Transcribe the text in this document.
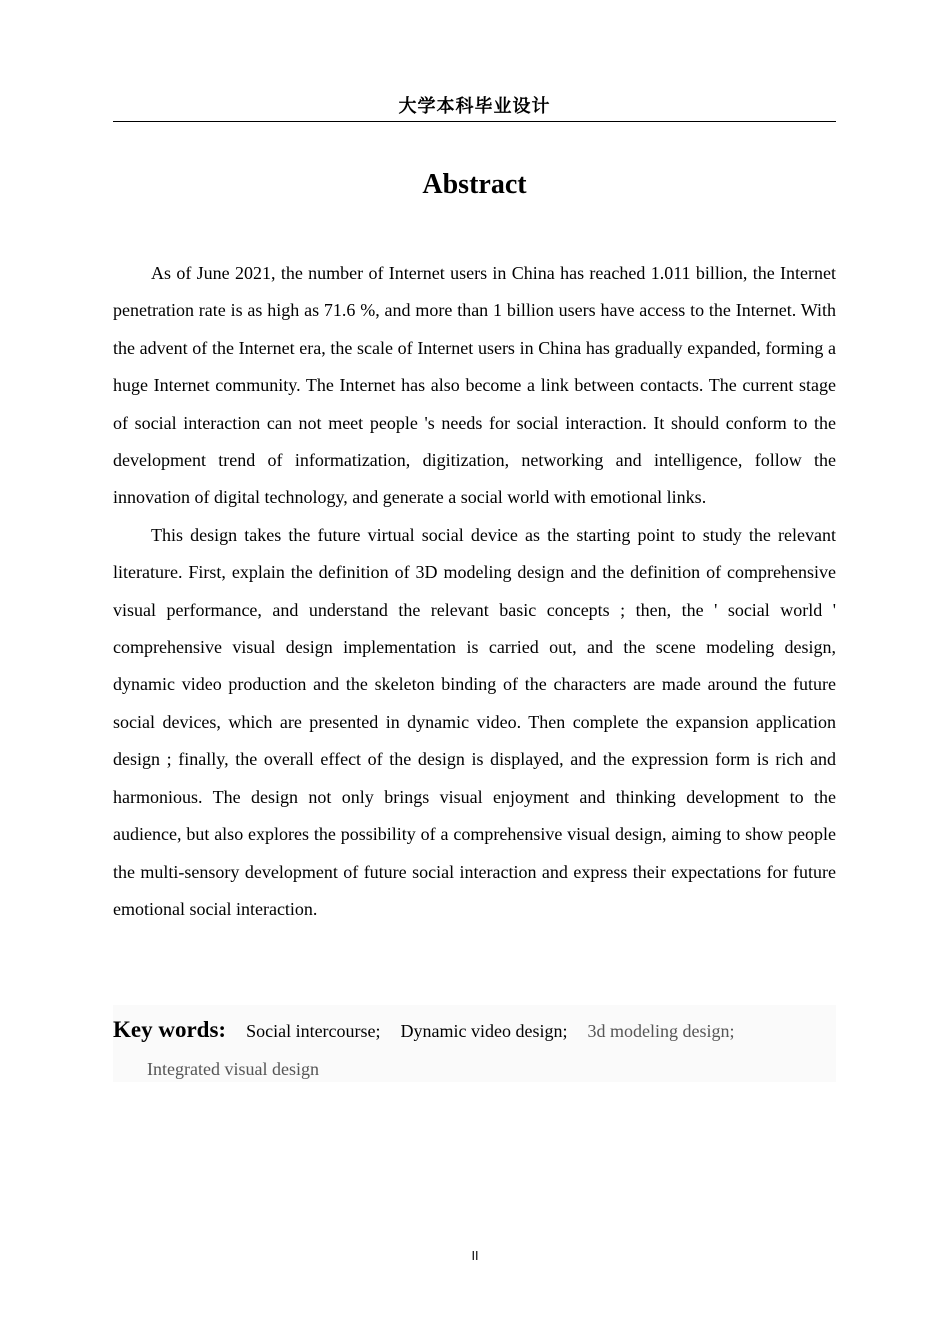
大学本科毕业设计
Abstract

As of June 2021, the number of Internet users in China has reached 1.011 billion, the Internet penetration rate is as high as 71.6 %, and more than 1 billion users have access to the Internet. With the advent of the Internet era, the scale of Internet users in China has gradually expanded, forming a huge Internet community. The Internet has also become a link between contacts. The current stage of social interaction can not meet people 's needs for social interaction. It should conform to the development trend of informatization, digitization, networking and intelligence, follow the innovation of digital technology, and generate a social world with emotional links.

This design takes the future virtual social device as the starting point to study the relevant literature. First, explain the definition of 3D modeling design and the definition of comprehensive visual performance, and understand the relevant basic concepts ; then, the ' social world ' comprehensive visual design implementation is carried out, and the scene modeling design, dynamic video production and the skeleton binding of the characters are made around the future social devices, which are presented in dynamic video. Then complete the expansion application design ; finally, the overall effect of the design is displayed, and the expression form is rich and harmonious. The design not only brings visual enjoyment and thinking development to the audience, but also explores the possibility of a comprehensive visual design, aiming to show people the multi-sensory development of future social interaction and express their expectations for future emotional social interaction.

Key words: Social intercourse; Dynamic video design; 3d modeling design;
Integrated visual design
II
